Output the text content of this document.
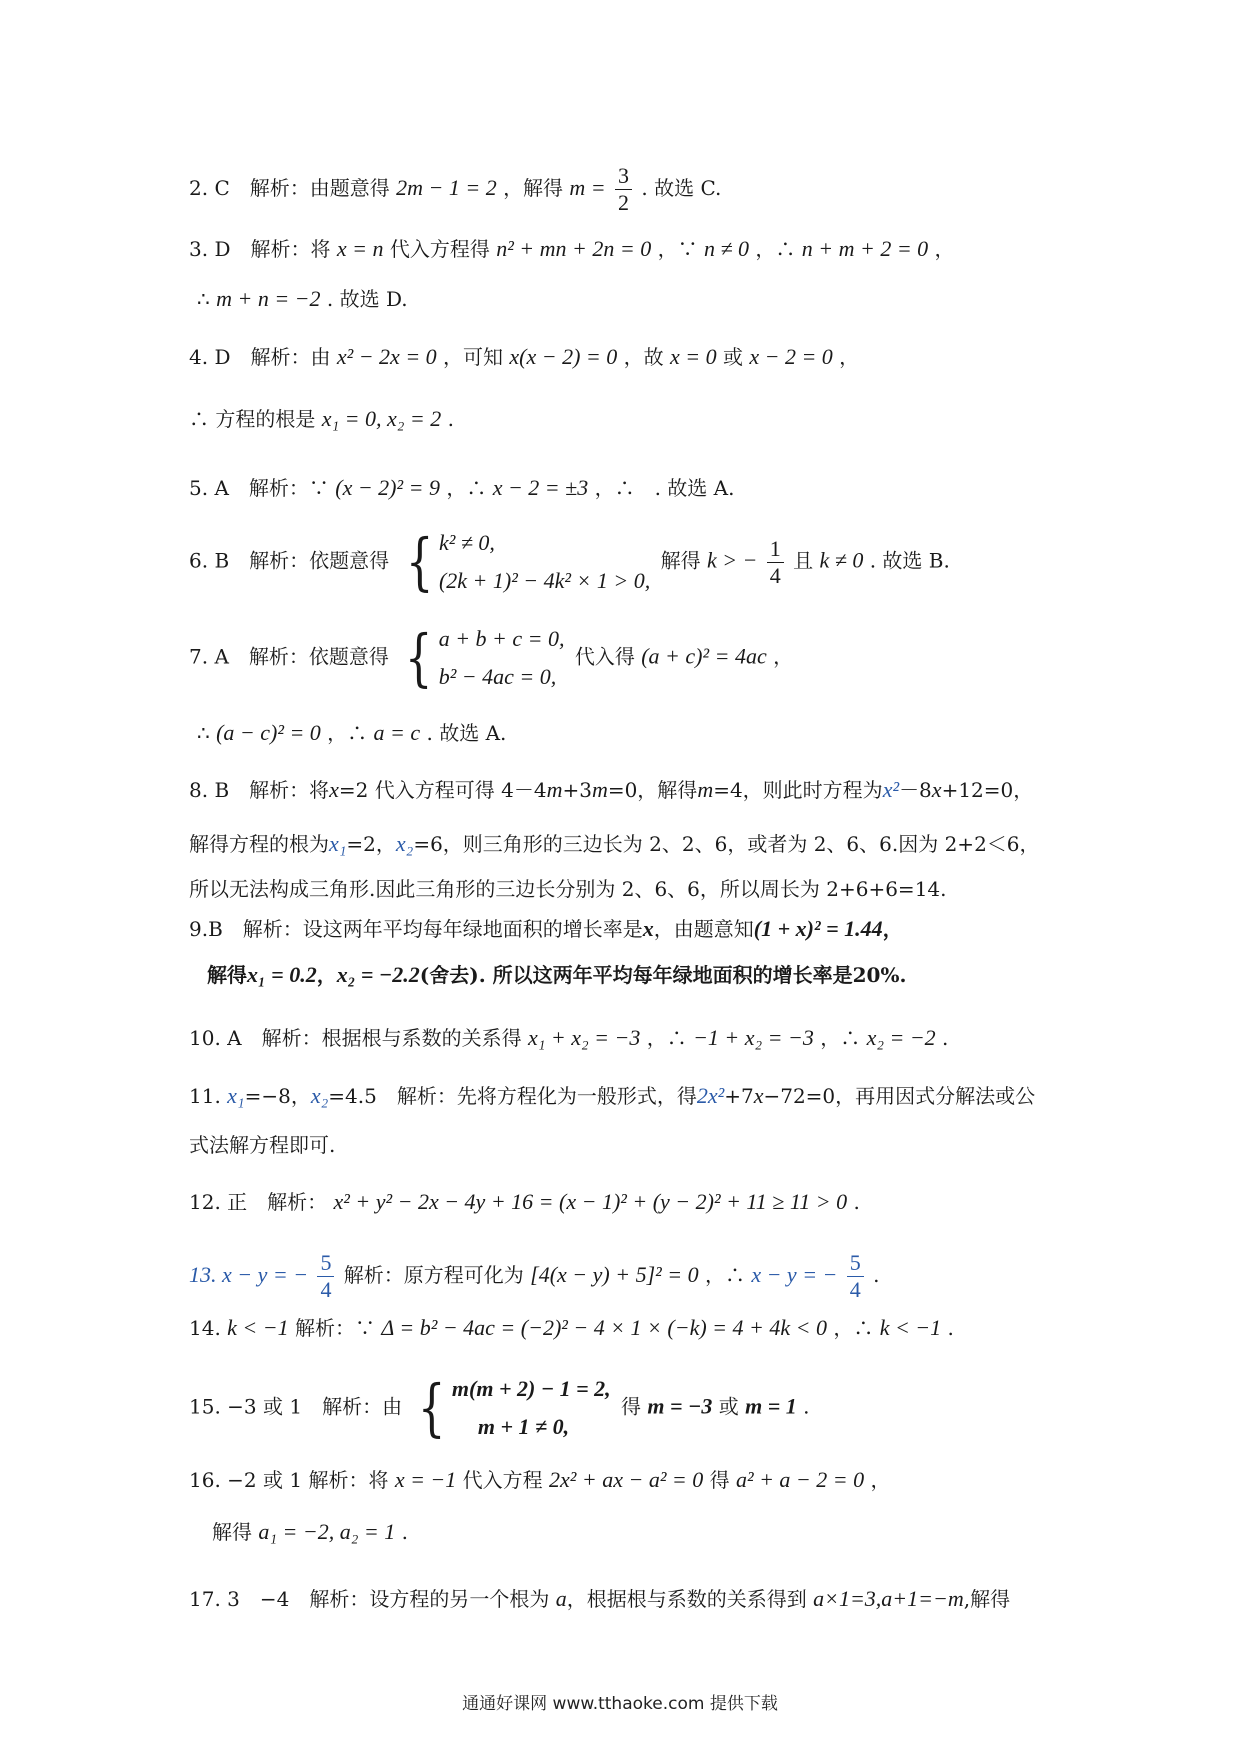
2. C　解析：由题意得 2m − 1 = 2 ，解得 $m = \frac{3}{2}$ . 故选 C.
3. D　解析：将 x = n 代入方程得 n² + mn + 2n = 0 ，∵ n ≠ 0 ，∴ n + m + 2 = 0 ，
∴ m + n = −2 . 故选 D.
4. D　解析：由 x² − 2x = 0 ，可知 x(x − 2) = 0 ，故 x = 0 或 x − 2 = 0 ，
∴ 方程的根是 x₁ = 0, x₂ = 2 .
5. A　解析：∵ (x − 2)² = 9 ，∴ x − 2 = ±3 ，∴　. 故选 A.
6. B　解析：依题意得 { k² ≠ 0,
(2k + 1)² − 4k² × 1 > 0,
解得 k > − $\frac{1}{4}$ 且 k ≠ 0 . 故选 B.
7. A　解析：依题意得 { a + b + c = 0,
b² − 4ac = 0,
代入得 (a + c)² = 4ac ，
∴ (a − c)² = 0 ，∴ a = c . 故选 A.
8. B　解析：将x=2 代入方程可得 4－4m+3m=0，解得m=4，则此时方程为x²－8x+12=0，
解得方程的根为x₁=2，x₂=6，则三角形的三边长为 2、2、6，或者为 2、6、6.因为 2+2＜6，
所以无法构成三角形.因此三角形的三边长分别为 2、6、6，所以周长为 2+6+6=14.
9.B　解析：设这两年平均每年绿地面积的增长率是x，由题意知(1 + x)² = 1.44，
解得x₁ = 0.2，x₂ = −2.2(舍去). 所以这两年平均每年绿地面积的增长率是20%.
10. A　解析：根据根与系数的关系得 x₁ + x₂ = −3 ，∴ −1 + x₂ = −3 ，∴ x₂ = −2 .
11. x₁=−8，x₂=4.5　解析：先将方程化为一般形式，得2x²+7x−72=0，再用因式分解法或公
式法解方程即可.
12. 正　解析： x² + y² − 2x − 4y + 16 = (x − 1)² + (y − 2)² + 11 ≥ 11 > 0 .
13. x − y = − $\frac{5}{4}$ 解析：原方程可化为 [4(x − y) + 5]² = 0 ，∴ x − y = − $\frac{5}{4}$ .
14. k < −1 解析：∵ Δ = b² − 4ac = (−2)² − 4 × 1 × (−k) = 4 + 4k < 0 ，∴ k < −1 .
15. −3 或 1　解析：由 { m(m + 2) − 1 = 2,
m + 1 ≠ 0,
得 m = −3 或 m = 1 .
16. −2 或 1 解析：将 x = −1 代入方程 2x² + ax − a² = 0 得 a² + a − 2 = 0 ，
解得 a₁ = −2, a₂ = 1 .
17. 3　−4　解析：设方程的另一个根为 a，根据根与系数的关系得到 a×1=3,a+1=−m,解得
通通好课网 www.tthaoke.com 提供下载
